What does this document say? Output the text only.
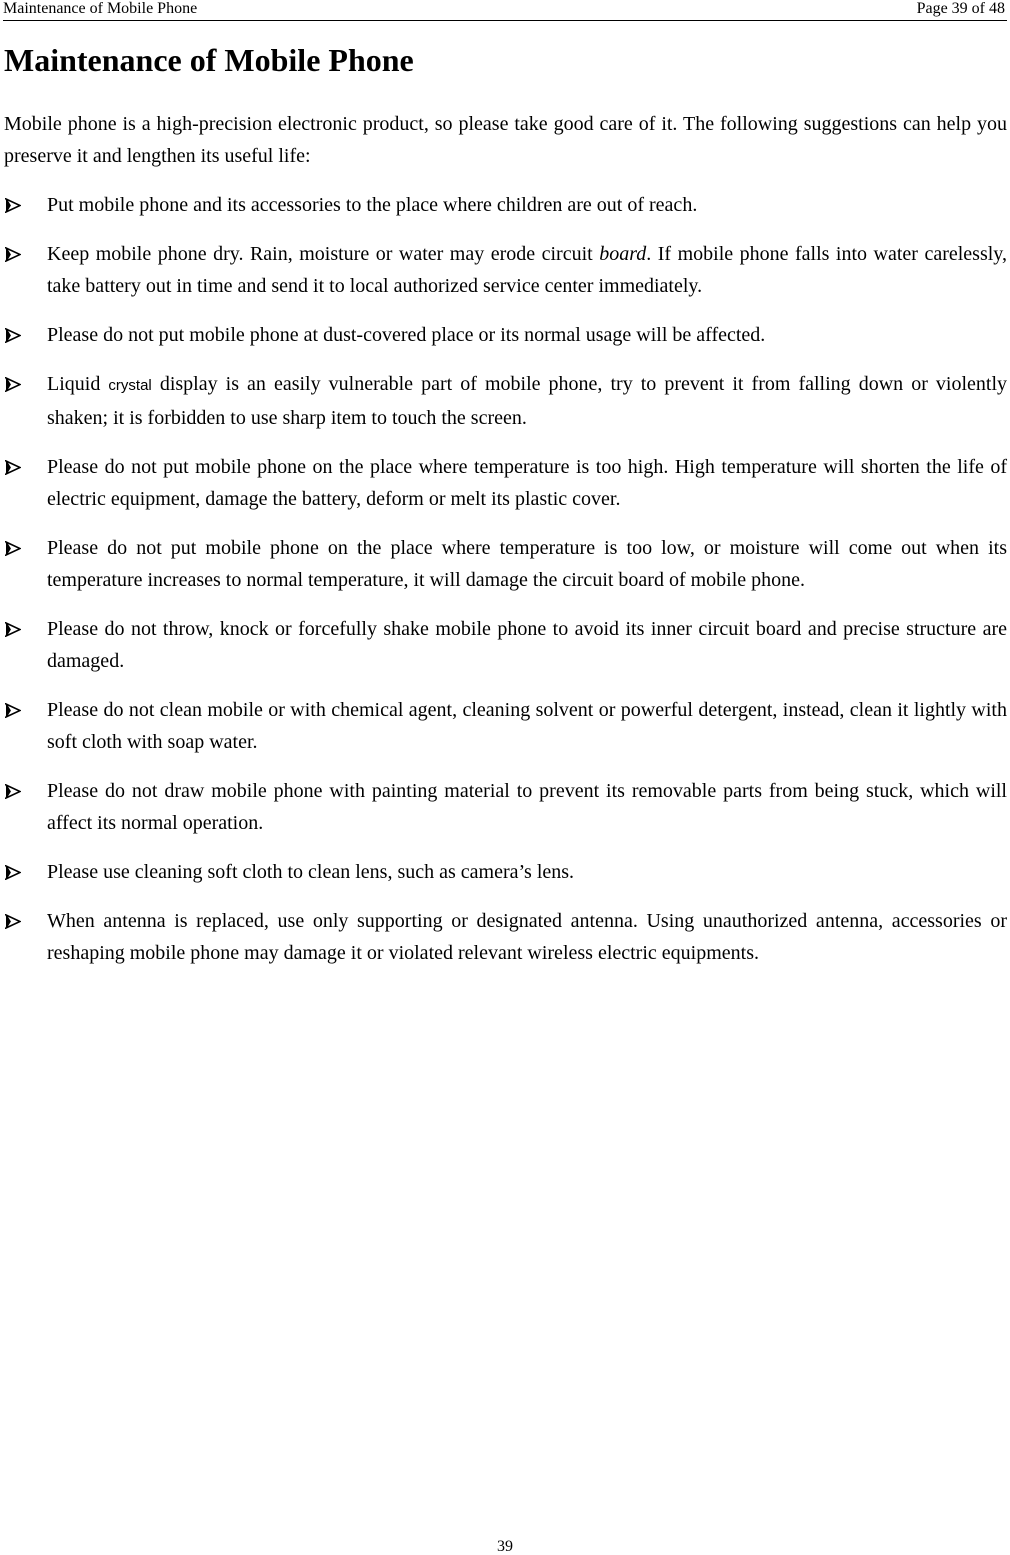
Maintenance of Mobile Phone	Page 39 of 48
Maintenance of Mobile Phone

Mobile phone is a high-precision electronic product, so please take good care of it. The following suggestions can help you preserve it and lengthen its useful life:

Put mobile phone and its accessories to the place where children are out of reach.
Keep mobile phone dry. Rain, moisture or water may erode circuit board. If mobile phone falls into water carelessly, take battery out in time and send it to local authorized service center immediately.
Please do not put mobile phone at dust-covered place or its normal usage will be affected.
Liquid crystal display is an easily vulnerable part of mobile phone, try to prevent it from falling down or violently shaken; it is forbidden to use sharp item to touch the screen.
Please do not put mobile phone on the place where temperature is too high. High temperature will shorten the life of electric equipment, damage the battery, deform or melt its plastic cover.
Please do not put mobile phone on the place where temperature is too low, or moisture will come out when its temperature increases to normal temperature, it will damage the circuit board of mobile phone.
Please do not throw, knock or forcefully shake mobile phone to avoid its inner circuit board and precise structure are damaged.
Please do not clean mobile or with chemical agent, cleaning solvent or powerful detergent, instead, clean it lightly with soft cloth with soap water.
Please do not draw mobile phone with painting material to prevent its removable parts from being stuck, which will affect its normal operation.
Please use cleaning soft cloth to clean lens, such as camera’s lens.
When antenna is replaced, use only supporting or designated antenna. Using unauthorized antenna, accessories or reshaping mobile phone may damage it or violated relevant wireless electric equipments.
39
